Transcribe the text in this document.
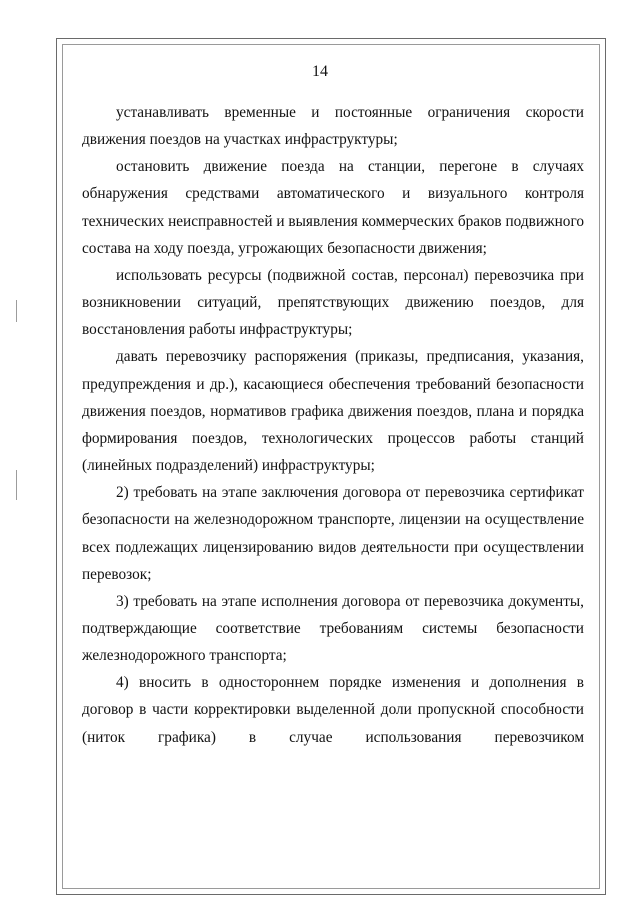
14

устанавливать временные и постоянные ограничения скорости движения поездов на участках инфраструктуры;

остановить движение поезда на станции, перегоне в случаях обнаружения средствами автоматического и визуального контроля технических неисправностей и выявления коммерческих браков подвижного состава на ходу поезда, угрожающих безопасности движения;

использовать ресурсы (подвижной состав, персонал) перевозчика при возникновении ситуаций, препятствующих движению поездов, для восстановления работы инфраструктуры;

давать перевозчику распоряжения (приказы, предписания, указания, предупреждения и др.), касающиеся обеспечения требований безопасности движения поездов, нормативов графика движения поездов, плана и порядка формирования поездов, технологических процессов работы станций (линейных подразделений) инфраструктуры;

2) требовать на этапе заключения договора от перевозчика сертификат безопасности на железнодорожном транспорте, лицензии на осуществление всех подлежащих лицензированию видов деятельности при осуществлении перевозок;

3) требовать на этапе исполнения договора от перевозчика документы, подтверждающие соответствие требованиям системы безопасности железнодорожного транспорта;

4) вносить в одностороннем порядке изменения и дополнения в договор в части корректировки выделенной доли пропускной способности (ниток графика) в случае использования перевозчиком
